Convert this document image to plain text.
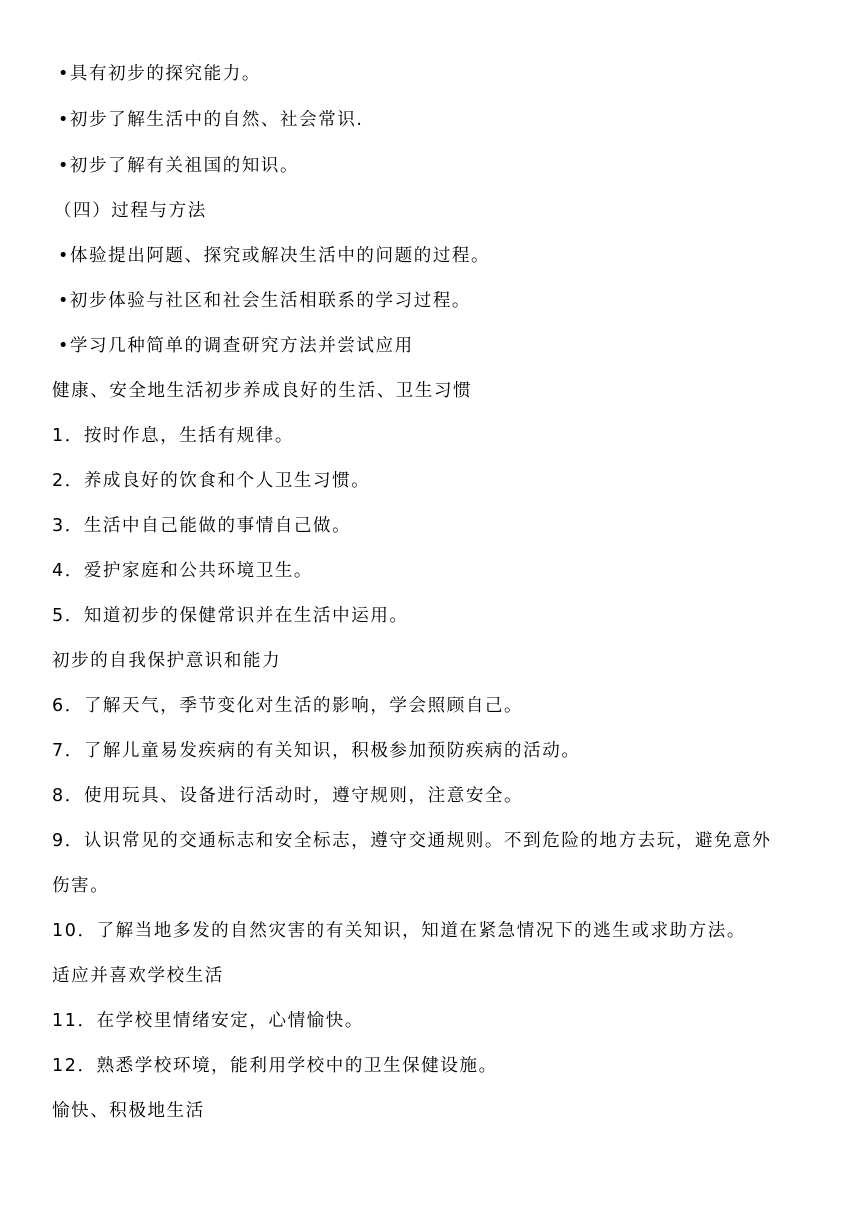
•具有初步的探究能力。
•初步了解生活中的自然、社会常识.
•初步了解有关祖国的知识。
（四）过程与方法
•体验提出阿题、探究或解决生活中的问题的过程。
•初步体验与社区和社会生活相联系的学习过程。
•学习几种简单的调查研究方法并尝试应用
健康、安全地生活初步养成良好的生活、卫生习惯
1．按时作息，生括有规律。
2．养成良好的饮食和个人卫生习惯。
3．生活中自己能做的事情自己做。
4．爱护家庭和公共环境卫生。
5．知道初步的保健常识并在生活中运用。
初步的自我保护意识和能力
6．了解天气，季节变化对生活的影响，学会照顾自己。
7．了解儿童易发疾病的有关知识，积极参加预防疾病的活动。
8．使用玩具、设备进行活动时，遵守规则，注意安全。
9．认识常见的交通标志和安全标志，遵守交通规则。不到危险的地方去玩，避免意外
伤害。
10．了解当地多发的自然灾害的有关知识，知道在紧急情况下的逃生或求助方法。
适应并喜欢学校生活
11．在学校里情绪安定，心情愉快。
12．熟悉学校环境，能利用学校中的卫生保健设施。
愉快、积极地生活
